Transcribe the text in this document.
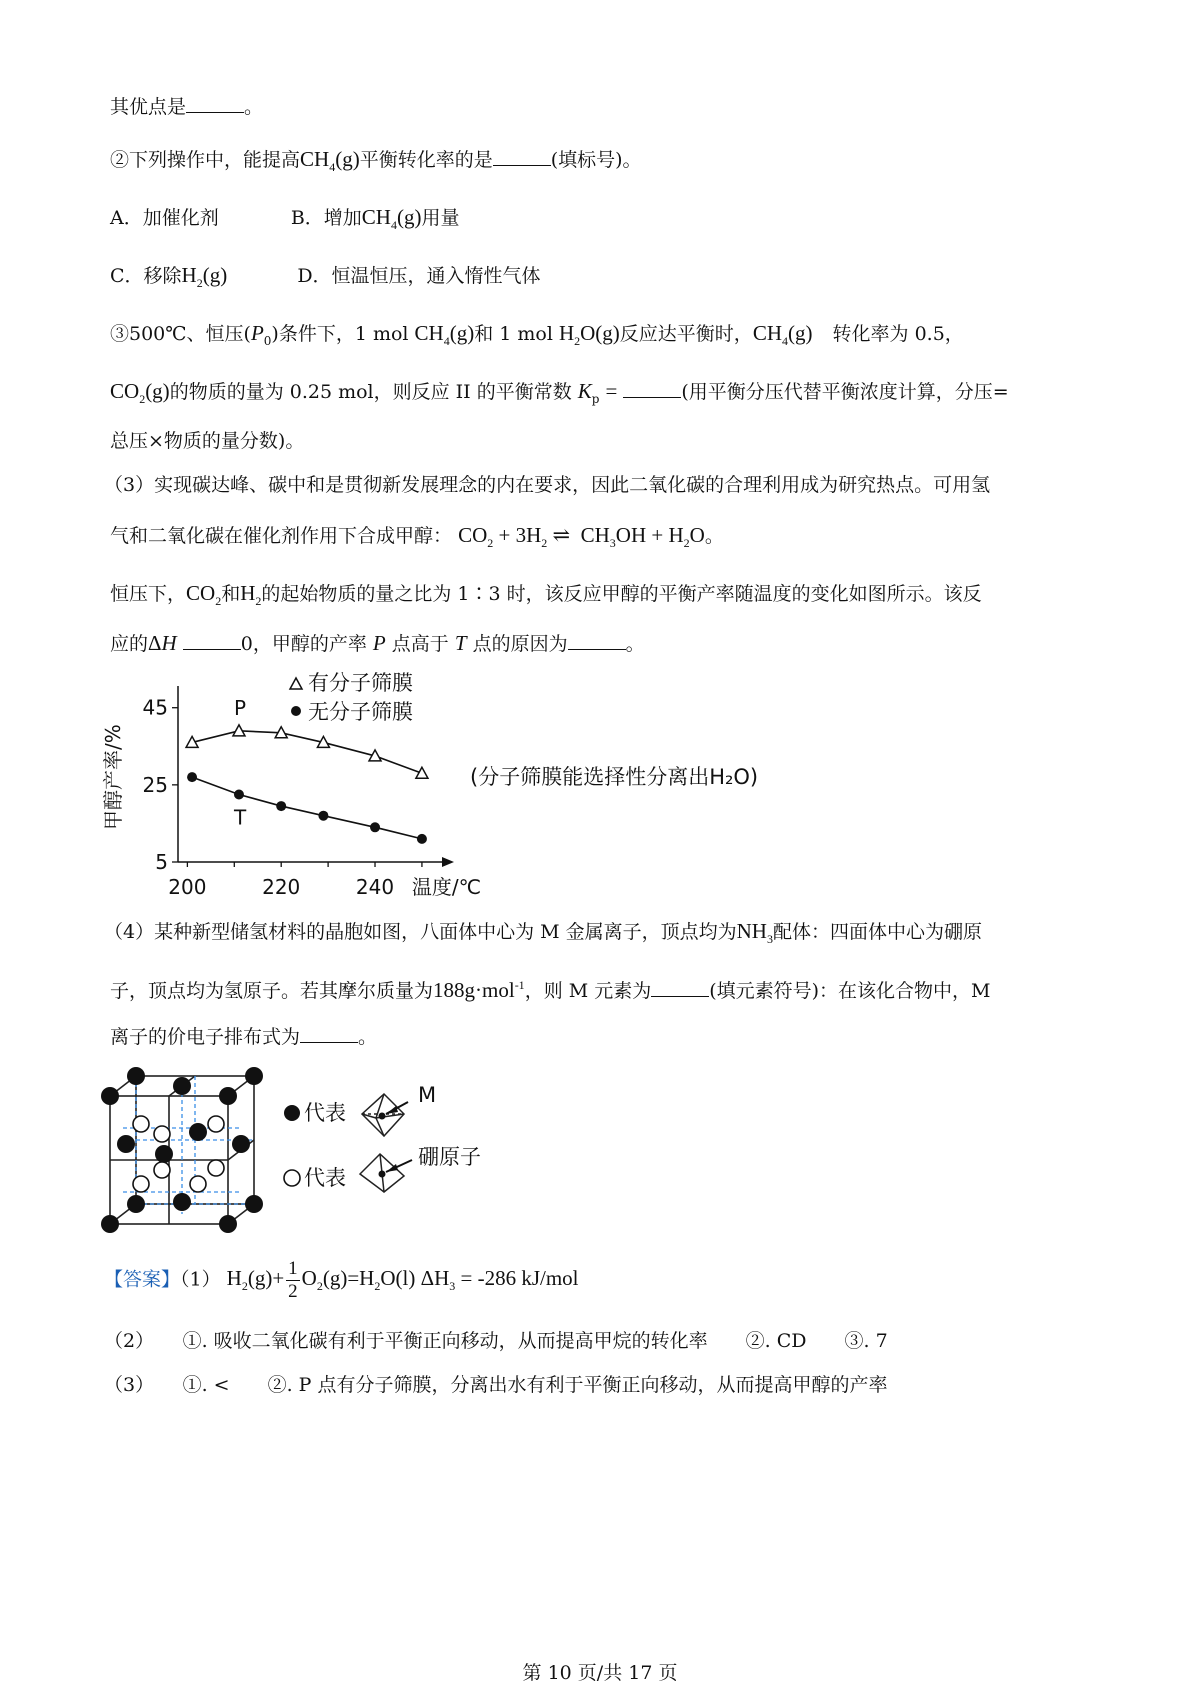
其优点是	。
②下列操作中，能提高$CH_4(g)$平衡转化率的是	(填标号)。
A．加催化剂	B．增加$CH_4(g)$用量
C．移除$H_2(g)$	D．恒温恒压，通入惰性气体
③500℃、恒压$(P_0)$条件下，1 mol $CH_4(g)$和 1 mol $H_2O(g)$反应达平衡时，$CH_4(g)$ 转化率为 0.5，
$CO_2(g)$的物质的量为 0.25 mol，则反应 II 的平衡常数 $K_p$ =	(用平衡分压代替平衡浓度计算，分压=
总压×物质的量分数)。
（3）实现碳达峰、碳中和是贯彻新发展理念的内在要求，因此二氧化碳的合理利用成为研究热点。可用氢
气和二氧化碳在催化剂作用下合成甲醇： $CO_2 + 3H_2$ ⇌  $CH_3OH + H_2O$。
恒压下，$CO_2$和$H_2$的起始物质的量之比为 1∶3 时，该反应甲醇的平衡产率随温度的变化如图所示。该反
应的ΔH	0，甲醇的产率 P 点高于 T 点的原因为	。
5
25
45
200	220	240 温度/℃
甲醇产率/%
P
T
有分子筛膜
无分子筛膜
(分子筛膜能选择性分离出H₂O)
（4）某种新型储氢材料的晶胞如图，八面体中心为 M 金属离子，顶点均为$NH_3$配体：四面体中心为硼原
子，顶点均为氢原子。若其摩尔质量为188g·mol$^{-1}$，则 M 元素为	(填元素符号)：在该化合物中，M
离子的价电子排布式为	。
代表
代表
M
硼原子
【答案】（1） $H_2(g)+ \frac{1}{2} O_2(g)=H_2O(l) \Delta H_3 = -286$ kJ/mol
（2）　　①. 吸收二氧化碳有利于平衡正向移动，从而提高甲烷的转化率　　②. CD　　③. 7
（3）　　①. <　　②. P 点有分子筛膜，分离出水有利于平衡正向移动，从而提高甲醇的产率
第 10 页/共 17 页
